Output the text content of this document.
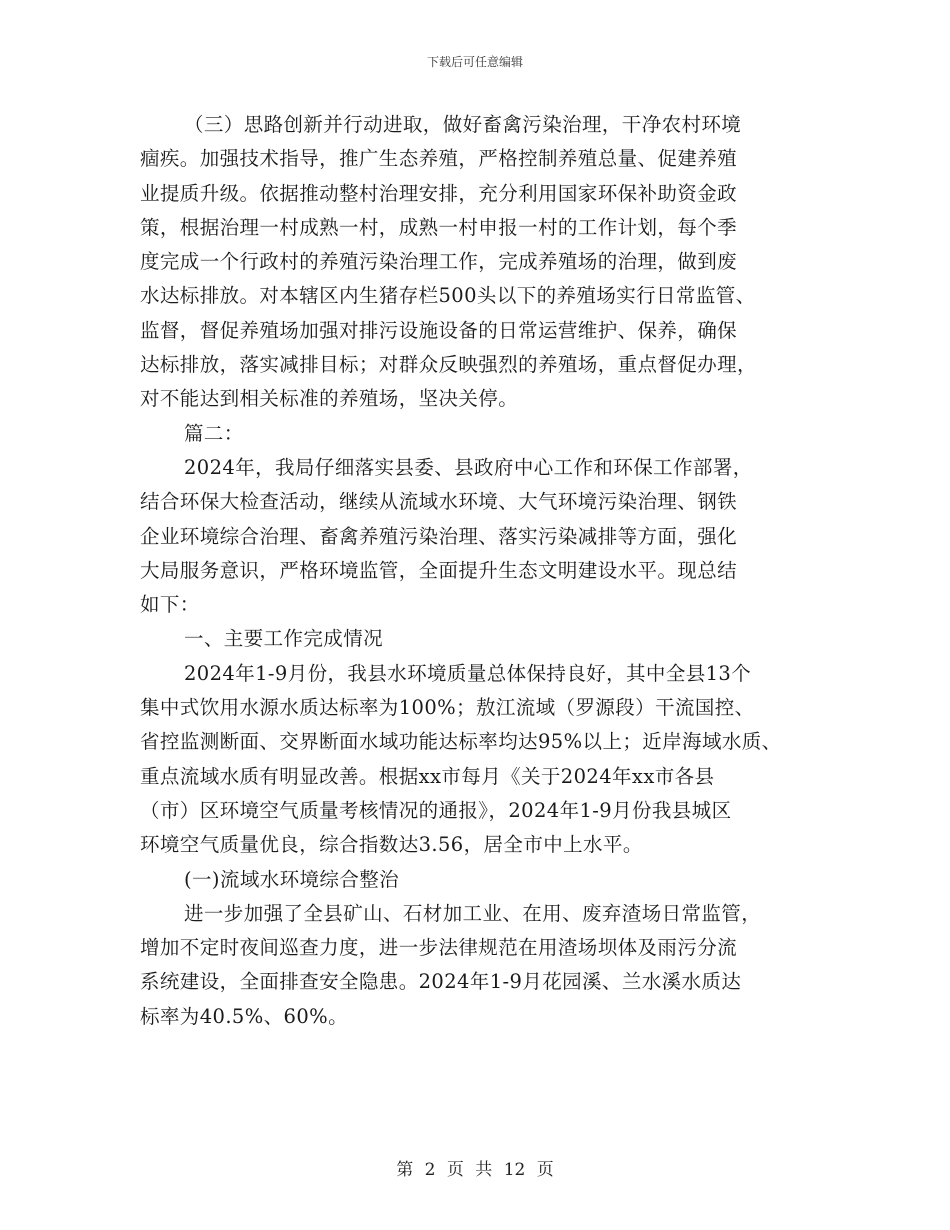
下载后可任意编辑
（三）思路创新并行动进取，做好畜禽污染治理，干净农村环境
痼疾。加强技术指导，推广生态养殖，严格控制养殖总量、促建养殖
业提质升级。依据推动整村治理安排，充分利用国家环保补助资金政
策，根据治理一村成熟一村，成熟一村申报一村的工作计划，每个季
度完成一个行政村的养殖污染治理工作，完成养殖场的治理，做到废
水达标排放。对本辖区内生猪存栏500头以下的养殖场实行日常监管、
监督，督促养殖场加强对排污设施设备的日常运营维护、保养，确保
达标排放，落实减排目标；对群众反映强烈的养殖场，重点督促办理，
对不能达到相关标准的养殖场，坚决关停。
篇二：
2024年，我局仔细落实县委、县政府中心工作和环保工作部署，
结合环保大检查活动，继续从流域水环境、大气环境污染治理、钢铁
企业环境综合治理、畜禽养殖污染治理、落实污染减排等方面，强化
大局服务意识，严格环境监管，全面提升生态文明建设水平。现总结
如下：
一、主要工作完成情况
2024年1-9月份，我县水环境质量总体保持良好，其中全县13个
集中式饮用水源水质达标率为100%；敖江流域（罗源段）干流国控、
省控监测断面、交界断面水域功能达标率均达95%以上；近岸海域水质、
重点流域水质有明显改善。根据xx市每月《关于2024年xx市各县
（市）区环境空气质量考核情况的通报》，2024年1-9月份我县城区
环境空气质量优良，综合指数达3.56，居全市中上水平。
(一)流域水环境综合整治
进一步加强了全县矿山、石材加工业、在用、废弃渣场日常监管，
增加不定时夜间巡查力度，进一步法律规范在用渣场坝体及雨污分流
系统建设，全面排查安全隐患。2024年1-9月花园溪、兰水溪水质达
标率为40.5%、60%。
第 2 页 共 12 页
